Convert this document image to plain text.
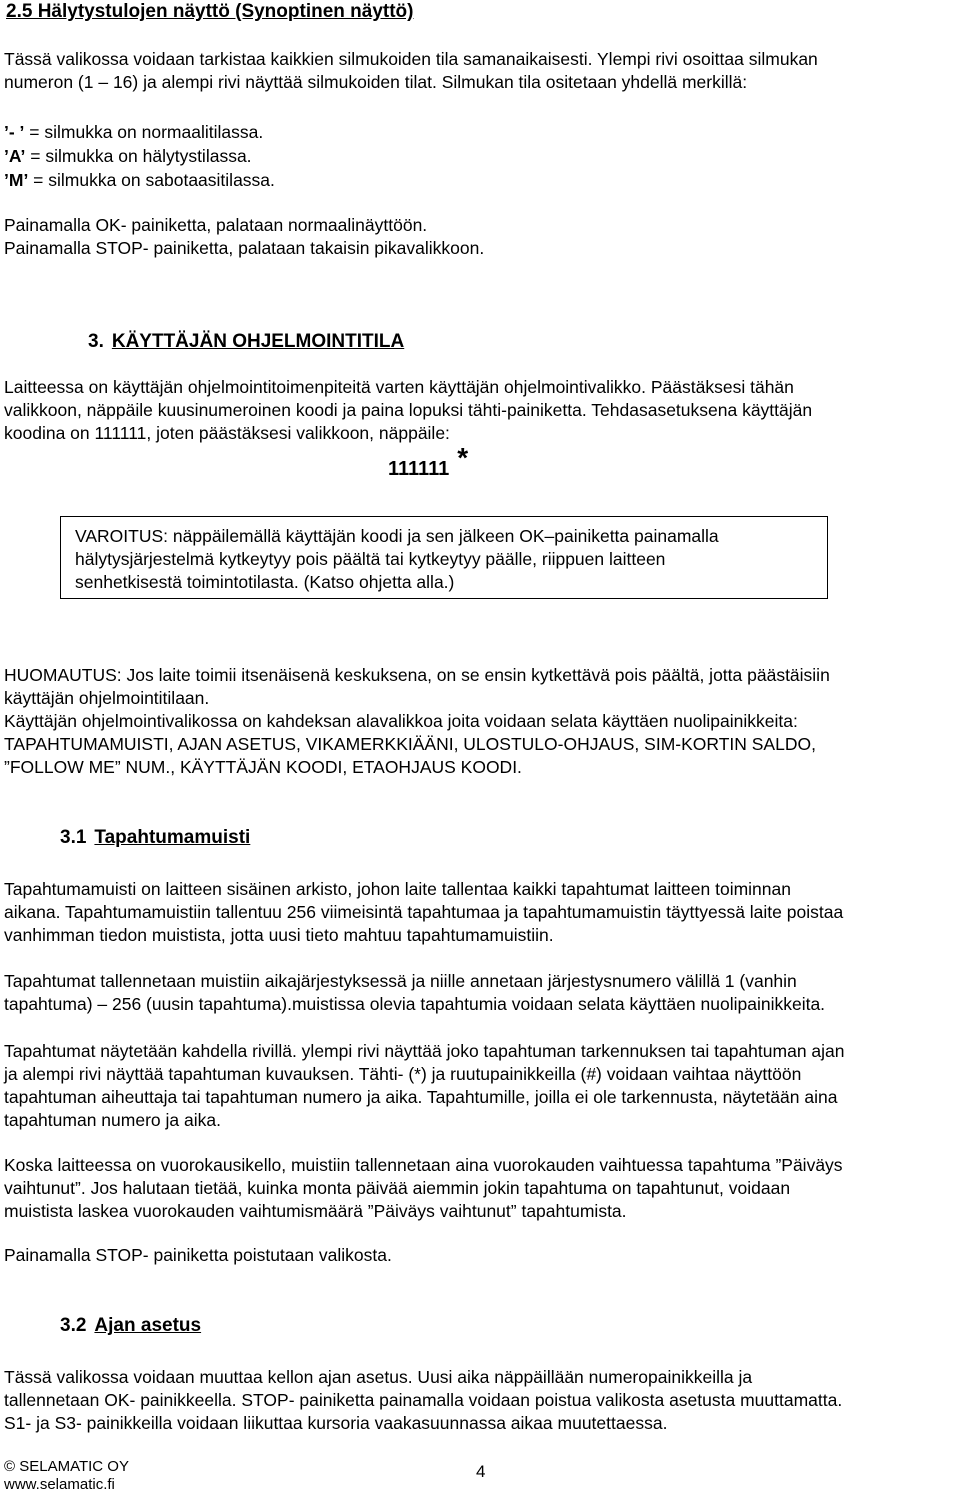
2.5 Hälytystulojen näyttö (Synoptinen näyttö)

Tässä valikossa voidaan tarkistaa kaikkien silmukoiden tila samanaikaisesti. Ylempi rivi osoittaa silmukan

numeron (1 – 16) ja alempi rivi näyttää silmukoiden tilat. Silmukan tila ositetaan yhdellä merkillä:

’- ’ = silmukka on normaalitilassa.

’A’ = silmukka on hälytystilassa.

’M’ = silmukka on sabotaasitilassa.

Painamalla OK- painiketta, palataan normaalinäyttöön.

Painamalla STOP- painiketta, palataan takaisin pikavalikkoon.

3. KÄYTTÄJÄN OHJELMOINTITILA

Laitteessa on käyttäjän ohjelmointitoimenpiteitä varten käyttäjän ohjelmointivalikko. Päästäksesi tähän

valikkoon, näppäile kuusinumeroinen koodi ja paina lopuksi tähti-painiketta. Tehdasasetuksena käyttäjän

koodina on 111111, joten päästäksesi valikkoon, näppäile:

111111 *

VAROITUS: näppäilemällä käyttäjän koodi ja sen jälkeen OK–painiketta painamalla

hälytysjärjestelmä kytkeytyy pois päältä tai kytkeytyy päälle, riippuen laitteen

senhetkisestä toimintotilasta. (Katso ohjetta alla.)

HUOMAUTUS: Jos laite toimii itsenäisenä keskuksena, on se ensin kytkettävä pois päältä, jotta päästäisiin

käyttäjän ohjelmointitilaan.

Käyttäjän ohjelmointivalikossa on kahdeksan alavalikkoa joita voidaan selata käyttäen nuolipainikkeita:

TAPAHTUMAMUISTI, AJAN ASETUS, VIKAMERKKIÄÄNI, ULOSTULO-OHJAUS, SIM-KORTIN SALDO,

”FOLLOW ME” NUM., KÄYTTÄJÄN KOODI, ETAOHJAUS KOODI.

3.1 Tapahtumamuisti

Tapahtumamuisti on laitteen sisäinen arkisto, johon laite tallentaa kaikki tapahtumat laitteen toiminnan

aikana. Tapahtumamuistiin tallentuu 256 viimeisintä tapahtumaa ja tapahtumamuistin täyttyessä laite poistaa

vanhimman tiedon muistista, jotta uusi tieto mahtuu tapahtumamuistiin.

Tapahtumat tallennetaan muistiin aikajärjestyksessä ja niille annetaan järjestysnumero välillä 1 (vanhin

tapahtuma) – 256 (uusin tapahtuma).muistissa olevia tapahtumia voidaan selata käyttäen nuolipainikkeita.

Tapahtumat näytetään kahdella rivillä. ylempi rivi näyttää joko tapahtuman tarkennuksen tai tapahtuman ajan

ja alempi rivi näyttää tapahtuman kuvauksen. Tähti- (*) ja ruutupainikkeilla (#) voidaan vaihtaa näyttöön

tapahtuman aiheuttaja tai tapahtuman numero ja aika. Tapahtumille, joilla ei ole tarkennusta, näytetään aina

tapahtuman numero ja aika.

Koska laitteessa on vuorokausikello, muistiin tallennetaan aina vuorokauden vaihtuessa tapahtuma ”Päiväys

vaihtunut”. Jos halutaan tietää, kuinka monta päivää aiemmin jokin tapahtuma on tapahtunut, voidaan

muistista laskea vuorokauden vaihtumismäärä ”Päiväys vaihtunut” tapahtumista.

Painamalla STOP- painiketta poistutaan valikosta.

3.2 Ajan asetus

Tässä valikossa voidaan muuttaa kellon ajan asetus. Uusi aika näppäillään numeropainikkeilla ja

tallennetaan OK- painikkeella. STOP- painiketta painamalla voidaan poistua valikosta asetusta muuttamatta.

S1- ja S3- painikkeilla voidaan liikuttaa kursoria vaakasuunnassa aikaa muutettaessa.

© SELAMATIC OY
www.selamatic.fi
4
